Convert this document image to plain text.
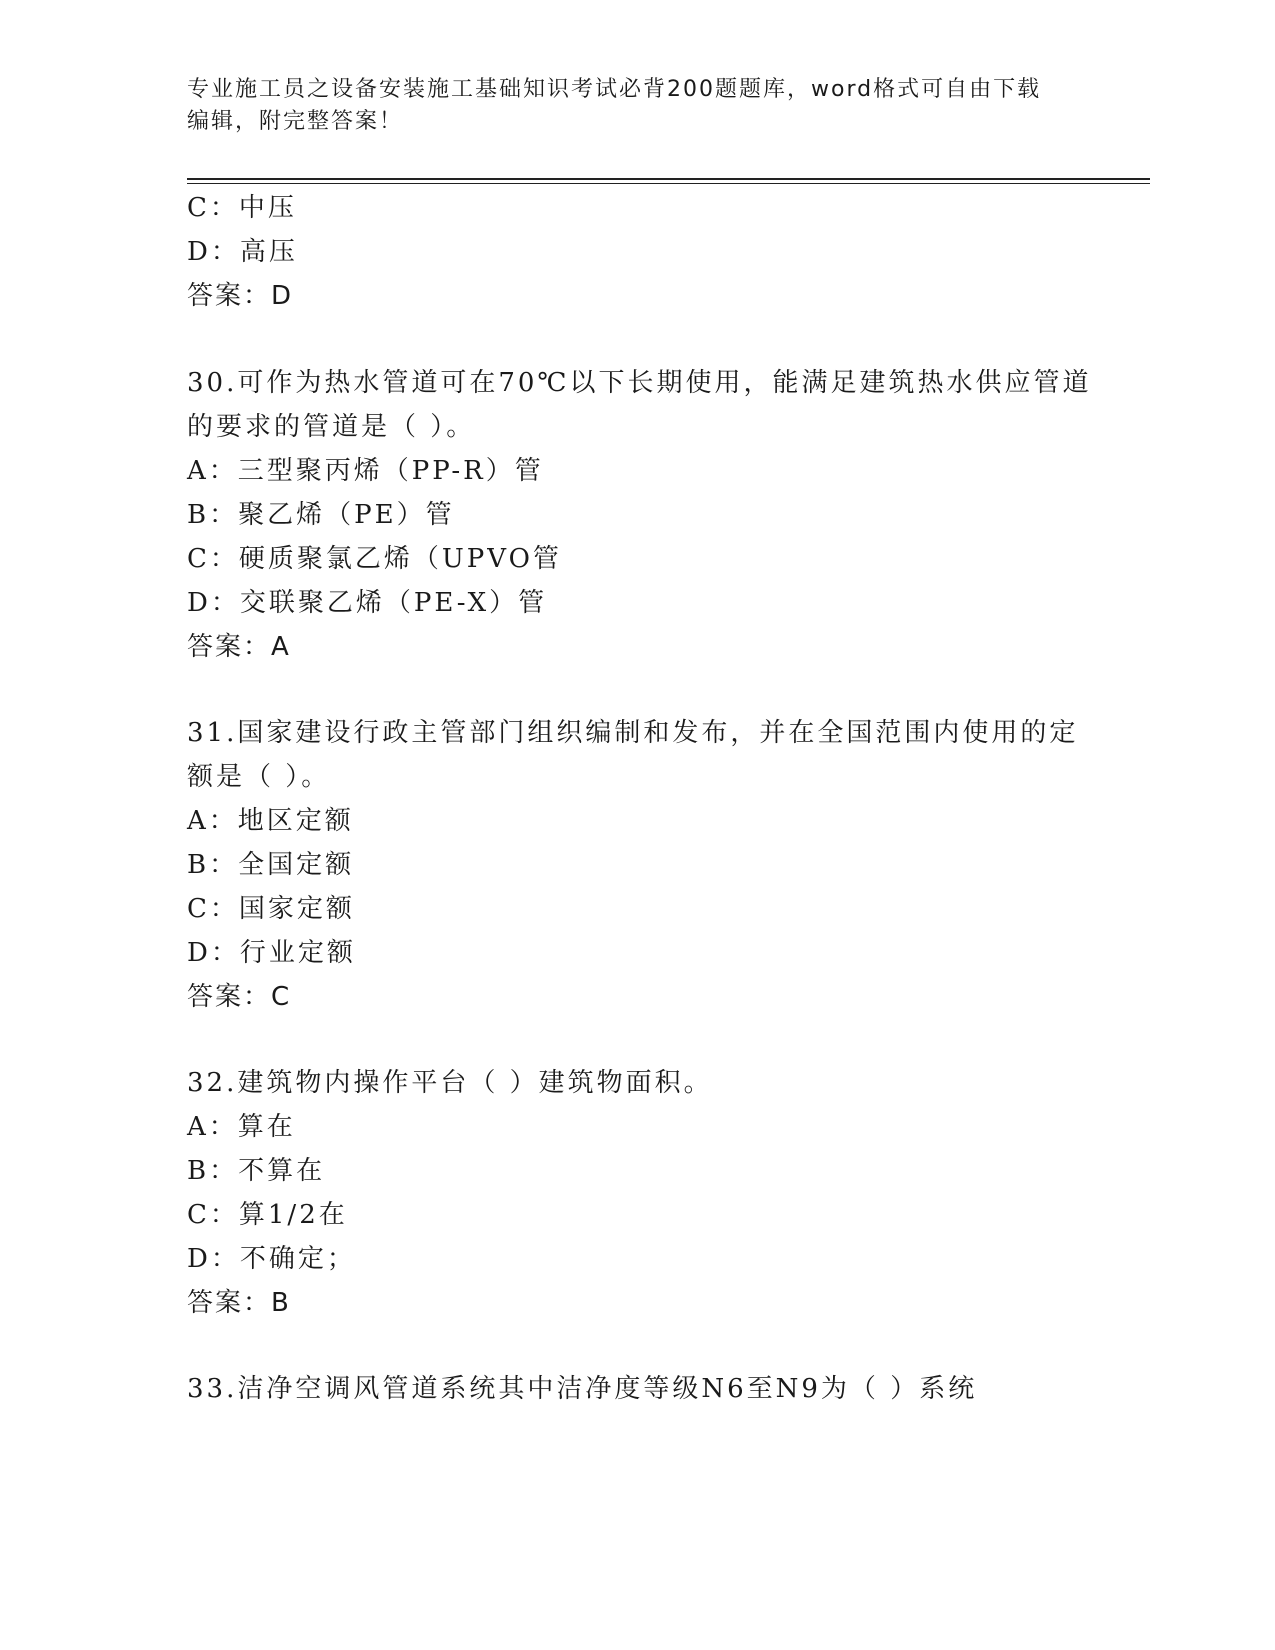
专业施工员之设备安装施工基础知识考试必背200题题库，word格式可自由下载
编辑，附完整答案！
C：中压
D：高压
答案：D
30.可作为热水管道可在70℃以下长期使用，能满足建筑热水供应管道
的要求的管道是（ ）。
A：三型聚丙烯（PP-R）管
B：聚乙烯（PE）管
C：硬质聚氯乙烯（UPVO管
D：交联聚乙烯（PE-X）管
答案：A
31.国家建设行政主管部门组织编制和发布，并在全国范围内使用的定
额是（ ）。
A：地区定额
B：全国定额
C：国家定额
D：行业定额
答案：C
32.建筑物内操作平台（ ）建筑物面积。
A：算在
B：不算在
C：算1/2在
D：不确定；
答案：B
33.洁净空调风管道系统其中洁净度等级N6至N9为（ ）系统
